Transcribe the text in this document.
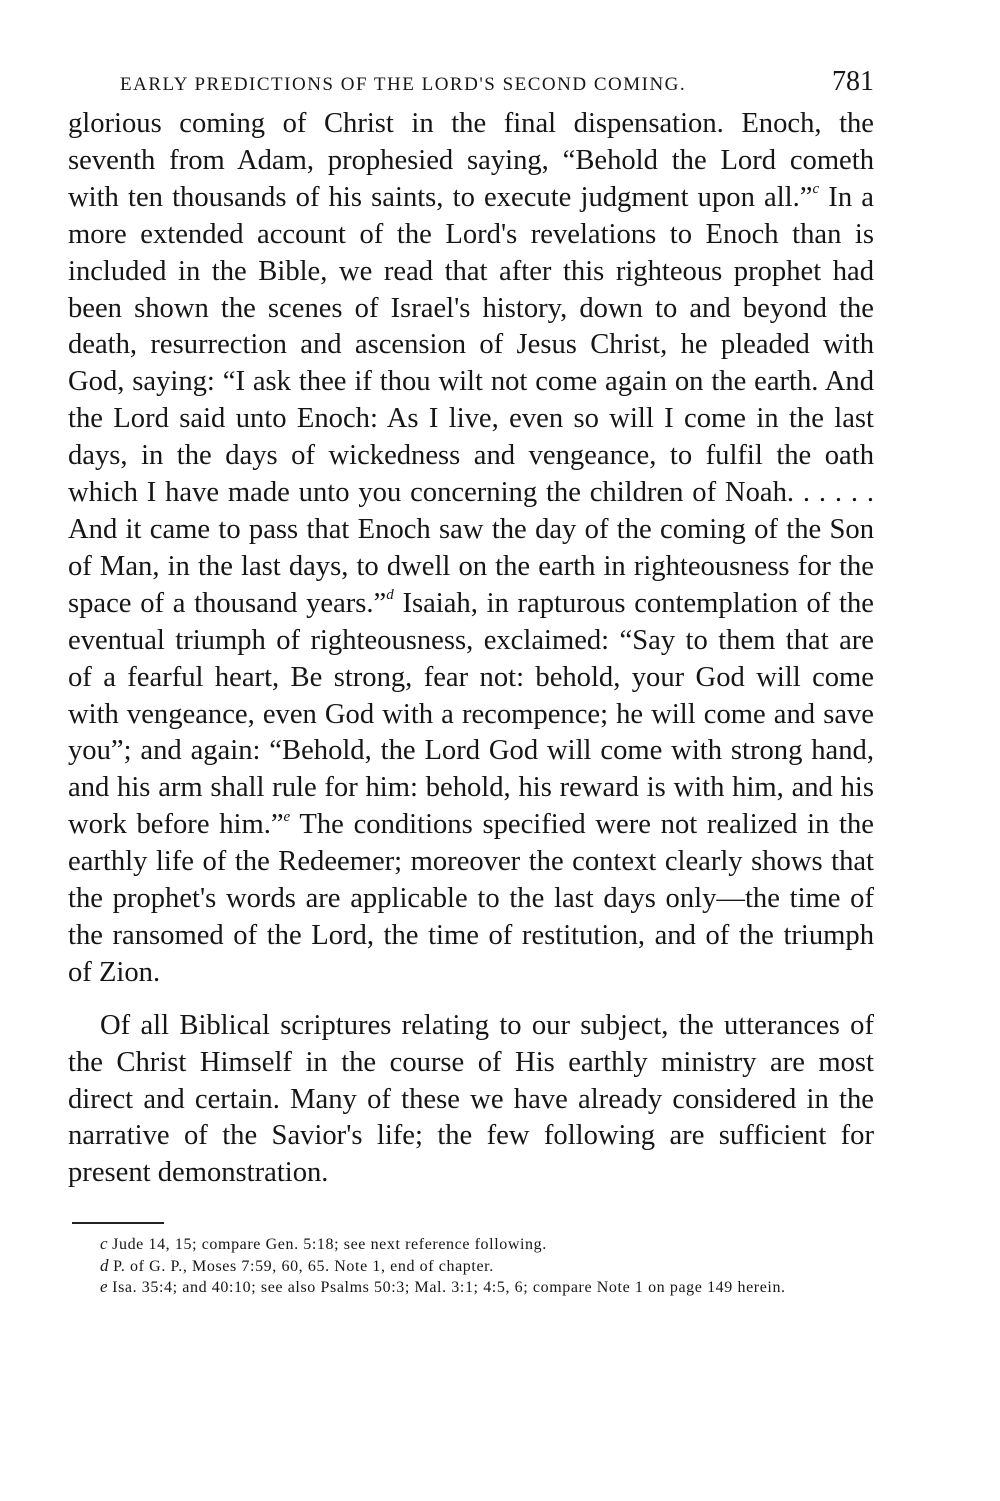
EARLY PREDICTIONS OF THE LORD'S SECOND COMING.	781

glorious coming of Christ in the final dispensation. Enoch, the seventh from Adam, prophesied saying, “Behold the Lord cometh with ten thousands of his saints, to execute judgment upon all.”$^c$ In a more extended account of the Lord's revelations to Enoch than is included in the Bible, we read that after this righteous prophet had been shown the scenes of Israel's history, down to and beyond the death, resurrection and ascension of Jesus Christ, he pleaded with God, saying: “I ask thee if thou wilt not come again on the earth. And the Lord said unto Enoch: As I live, even so will I come in the last days, in the days of wickedness and vengeance, to fulfil the oath which I have made unto you concerning the children of Noah. . . . . . And it came to pass that Enoch saw the day of the coming of the Son of Man, in the last days, to dwell on the earth in righteousness for the space of a thousand years.”$^d$ Isaiah, in rapturous contemplation of the eventual triumph of righteousness, exclaimed: “Say to them that are of a fearful heart, Be strong, fear not: behold, your God will come with vengeance, even God with a recompence; he will come and save you”; and again: “Behold, the Lord God will come with strong hand, and his arm shall rule for him: behold, his reward is with him, and his work before him.”$^e$ The conditions specified were not realized in the earthly life of the Redeemer; moreover the context clearly shows that the prophet's words are applicable to the last days only—the time of the ransomed of the Lord, the time of restitution, and of the triumph of Zion.

Of all Biblical scriptures relating to our subject, the utterances of the Christ Himself in the course of His earthly ministry are most direct and certain. Many of these we have already considered in the narrative of the Savior's life; the few following are sufficient for present demonstration.

c Jude 14, 15; compare Gen. 5:18; see next reference following.
d P. of G. P., Moses 7:59, 60, 65. Note 1, end of chapter.
e Isa. 35:4; and 40:10; see also Psalms 50:3; Mal. 3:1; 4:5, 6; compare Note 1 on page 149 herein.
